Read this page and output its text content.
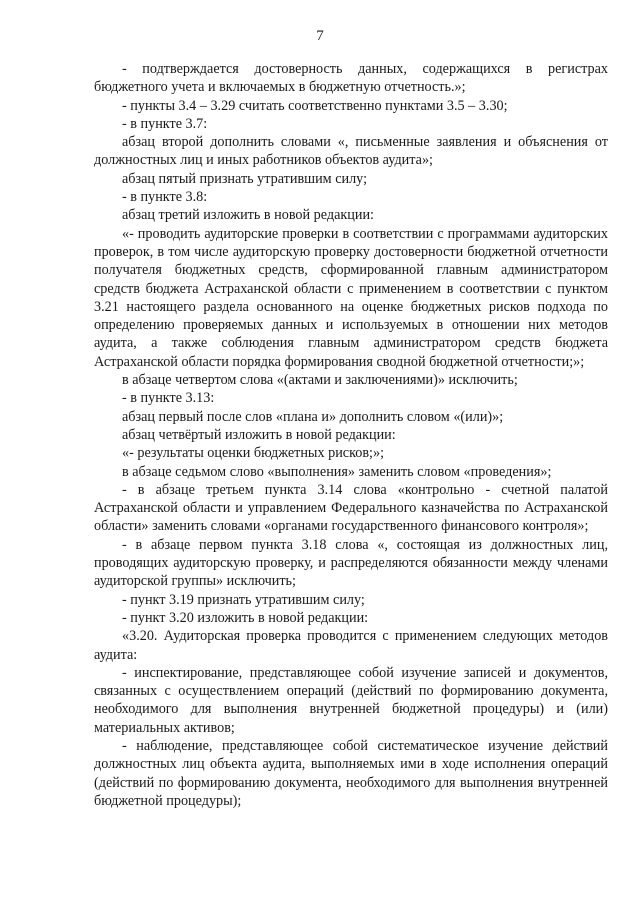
7

- подтверждается достоверность данных, содержащихся в регистрах бюджетного учета и включаемых в бюджетную отчетность.»;

- пункты 3.4 – 3.29 считать соответственно пунктами 3.5 – 3.30;

- в пункте 3.7:

абзац второй дополнить словами «, письменные заявления и объяснения от должностных лиц и иных работников объектов аудита»;

абзац пятый признать утратившим силу;

- в пункте 3.8:

абзац третий изложить в новой редакции:

«- проводить аудиторские проверки в соответствии с программами аудиторских проверок, в том числе аудиторскую проверку достоверности бюджетной отчетности получателя бюджетных средств, сформированной главным администратором средств бюджета Астраханской области с применением в соответствии с пунктом 3.21 настоящего раздела основанного на оценке бюджетных рисков подхода по определению проверяемых данных и используемых в отношении них методов аудита, а также соблюдения главным администратором средств бюджета Астраханской области порядка формирования сводной бюджетной отчетности;»;

в абзаце четвертом слова «(актами и заключениями)» исключить;

- в пункте 3.13:

абзац первый после слов «плана и» дополнить словом «(или)»;

абзац четвёртый изложить в новой редакции:

«- результаты оценки бюджетных рисков;»;

в абзаце седьмом слово «выполнения» заменить словом «проведения»;

- в абзаце третьем пункта 3.14 слова «контрольно - счетной палатой Астраханской области и управлением Федерального казначейства по Астраханской области» заменить словами «органами государственного финансового контроля»;

- в абзаце первом пункта 3.18 слова «, состоящая из должностных лиц, проводящих аудиторскую проверку, и распределяются обязанности между членами аудиторской группы» исключить;

- пункт 3.19 признать утратившим силу;

- пункт 3.20 изложить в новой редакции:

«3.20. Аудиторская проверка проводится с применением следующих методов аудита:

- инспектирование, представляющее собой изучение записей и документов, связанных с осуществлением операций (действий по формированию документа, необходимого для выполнения внутренней бюджетной процедуры) и (или) материальных активов;

- наблюдение, представляющее собой систематическое изучение действий должностных лиц объекта аудита, выполняемых ими в ходе исполнения операций (действий по формированию документа, необходимого для выполнения внутренней бюджетной процедуры);
